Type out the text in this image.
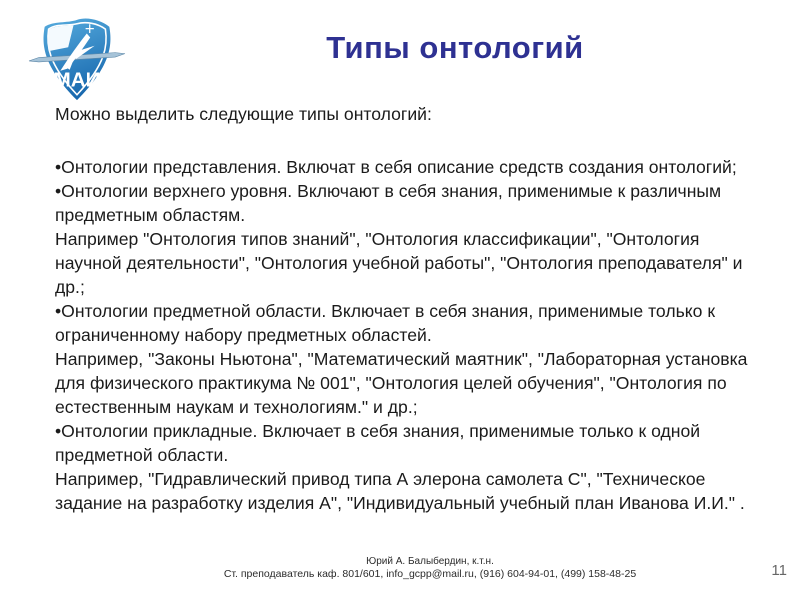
МАИ
Типы онтологий
Можно выделить следующие типы онтологий:
•Онтологии представления. Включат в себя описание средств создания онтологий;
•Онтологии верхнего уровня. Включают в себя знания, применимые к различным предметным областям.
Например "Онтология типов знаний", "Онтология классификации", "Онтология научной деятельности", "Онтология учебной работы", "Онтология преподавателя" и др.;
•Онтологии предметной области. Включает в себя знания, применимые только к ограниченному набору предметных областей.
Например, "Законы Ньютона", "Математический маятник", "Лабораторная установка для физического практикума № 001", "Онтология целей обучения", "Онтология по естественным наукам и технологиям." и др.;
•Онтологии прикладные. Включает в себя знания, применимые только к одной предметной области.
Например, "Гидравлический привод типа А элерона самолета С", "Техническое задание на разработку изделия А", "Индивидуальный учебный план Иванова И.И." .
Юрий А. Балыбердин, к.т.н.
Ст. преподаватель каф. 801/601, info_gcpp@mail.ru, (916) 604-94-01, (499) 158-48-25	11
